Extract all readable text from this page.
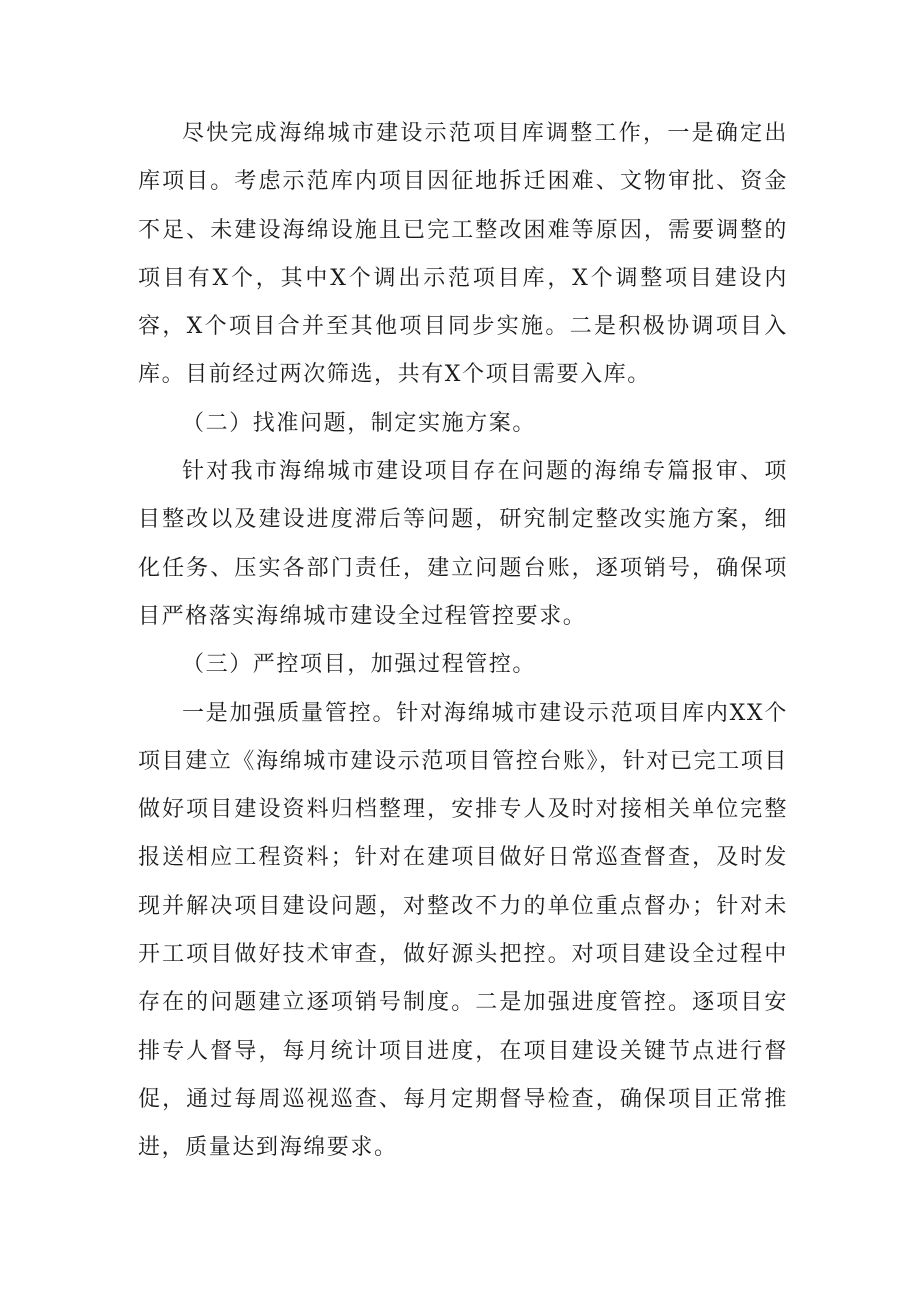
尽快完成海绵城市建设示范项目库调整工作，一是确定出库项目。考虑示范库内项目因征地拆迁困难、文物审批、资金不足、未建设海绵设施且已完工整改困难等原因，需要调整的项目有X个，其中X个调出示范项目库，X个调整项目建设内容，X个项目合并至其他项目同步实施。二是积极协调项目入库。目前经过两次筛选，共有X个项目需要入库。

（二）找准问题，制定实施方案。

针对我市海绵城市建设项目存在问题的海绵专篇报审、项目整改以及建设进度滞后等问题，研究制定整改实施方案，细化任务、压实各部门责任，建立问题台账，逐项销号，确保项目严格落实海绵城市建设全过程管控要求。

（三）严控项目，加强过程管控。

一是加强质量管控。针对海绵城市建设示范项目库内XX个项目建立《海绵城市建设示范项目管控台账》，针对已完工项目做好项目建设资料归档整理，安排专人及时对接相关单位完整报送相应工程资料；针对在建项目做好日常巡查督查，及时发现并解决项目建设问题，对整改不力的单位重点督办；针对未开工项目做好技术审查，做好源头把控。对项目建设全过程中存在的问题建立逐项销号制度。二是加强进度管控。逐项目安排专人督导，每月统计项目进度，在项目建设关键节点进行督促，通过每周巡视巡查、每月定期督导检查，确保项目正常推进，质量达到海绵要求。
